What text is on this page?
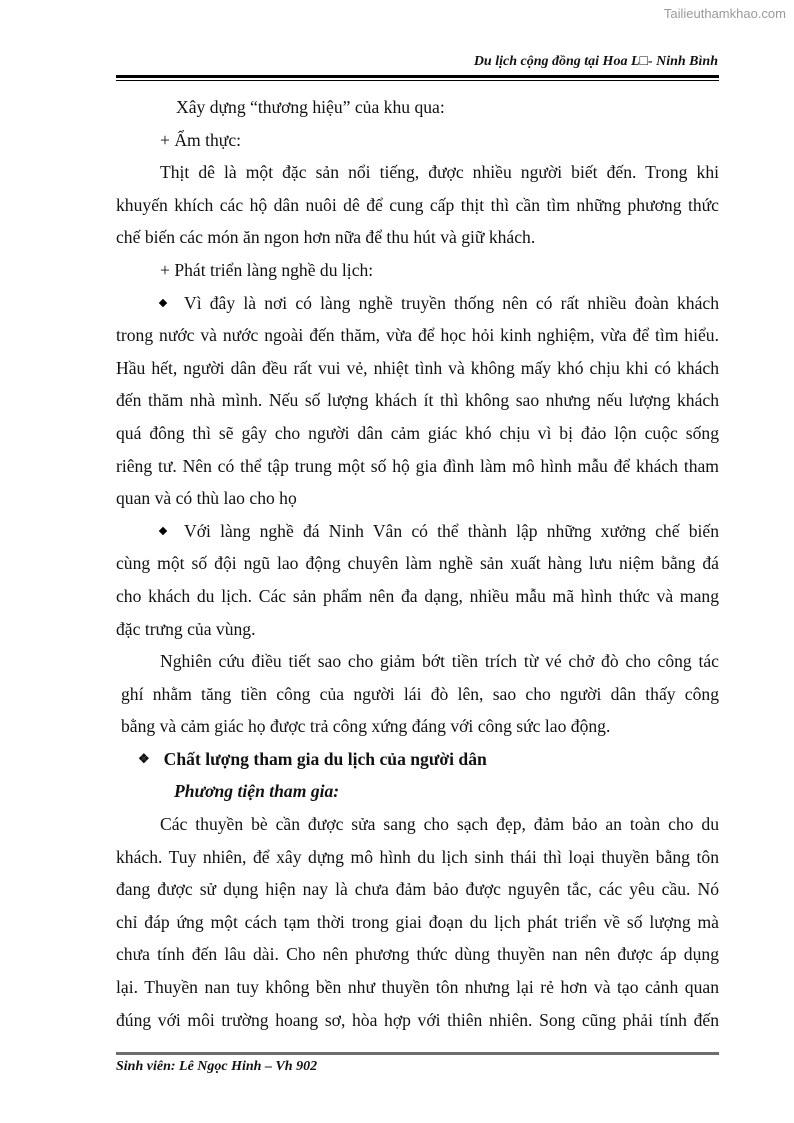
Tailieuthamkhao.com
Du lịch cộng đồng tại Hoa L□- Ninh Bình
Xây dựng “thương hiệu” của khu qua:
+ Ẩm thực:
Thịt dê là một đặc sản nổi tiếng, được nhiều người biết đến. Trong khi
khuyến khích các hộ dân nuôi dê để cung cấp thịt thì cần tìm những phương thức
chế biến các món ăn ngon hơn nữa để thu hút và giữ khách.
+ Phát triển làng nghề du lịch:
Vì đây là nơi có làng nghề truyền thống nên có rất nhiều đoàn khách
trong nước và nước ngoài đến thăm, vừa để học hỏi kinh nghiệm, vừa để tìm hiểu.
Hầu hết, người dân đều rất vui vẻ, nhiệt tình và không mấy khó chịu khi có khách
đến thăm nhà mình. Nếu số lượng khách ít thì không sao nhưng nếu lượng khách
quá đông thì sẽ gây cho người dân cảm giác khó chịu vì bị đảo lộn cuộc sống
riêng tư. Nên có thể tập trung một số hộ gia đình làm mô hình mẫu để khách tham
quan và có thù lao cho họ
Với làng nghề đá Ninh Vân có thể thành lập những xưởng chế biến
cùng một số đội ngũ lao động chuyên làm nghề sản xuất hàng lưu niệm bằng đá
cho khách du lịch. Các sản phẩm nên đa dạng, nhiều mẫu mã hình thức và mang
đặc trưng của vùng.
Nghiên cứu điều tiết sao cho giảm bớt tiền trích từ vé chở đò cho công tác
ghí nhằm tăng tiền công của người lái đò lên, sao cho người dân thấy công
bằng và cảm giác họ được trả công xứng đáng với công sức lao động.
❖ Chất lượng tham gia du lịch của người dân
Phương tiện tham gia:
Các thuyền bè cần được sửa sang cho sạch đẹp, đảm bảo an toàn cho du
khách. Tuy nhiên, để xây dựng mô hình du lịch sinh thái thì loại thuyền bằng tôn
đang được sử dụng hiện nay là chưa đảm bảo được nguyên tắc, các yêu cầu. Nó
chỉ đáp ứng một cách tạm thời trong giai đoạn du lịch phát triển về số lượng mà
chưa tính đến lâu dài. Cho nên phương thức dùng thuyền nan nên được áp dụng
lại. Thuyền nan tuy không bền như thuyền tôn nhưng lại rẻ hơn và tạo cảnh quan
đúng với môi trường hoang sơ, hòa hợp với thiên nhiên. Song cũng phải tính đến
Sinh viên: Lê Ngọc Hinh – Vh 902
